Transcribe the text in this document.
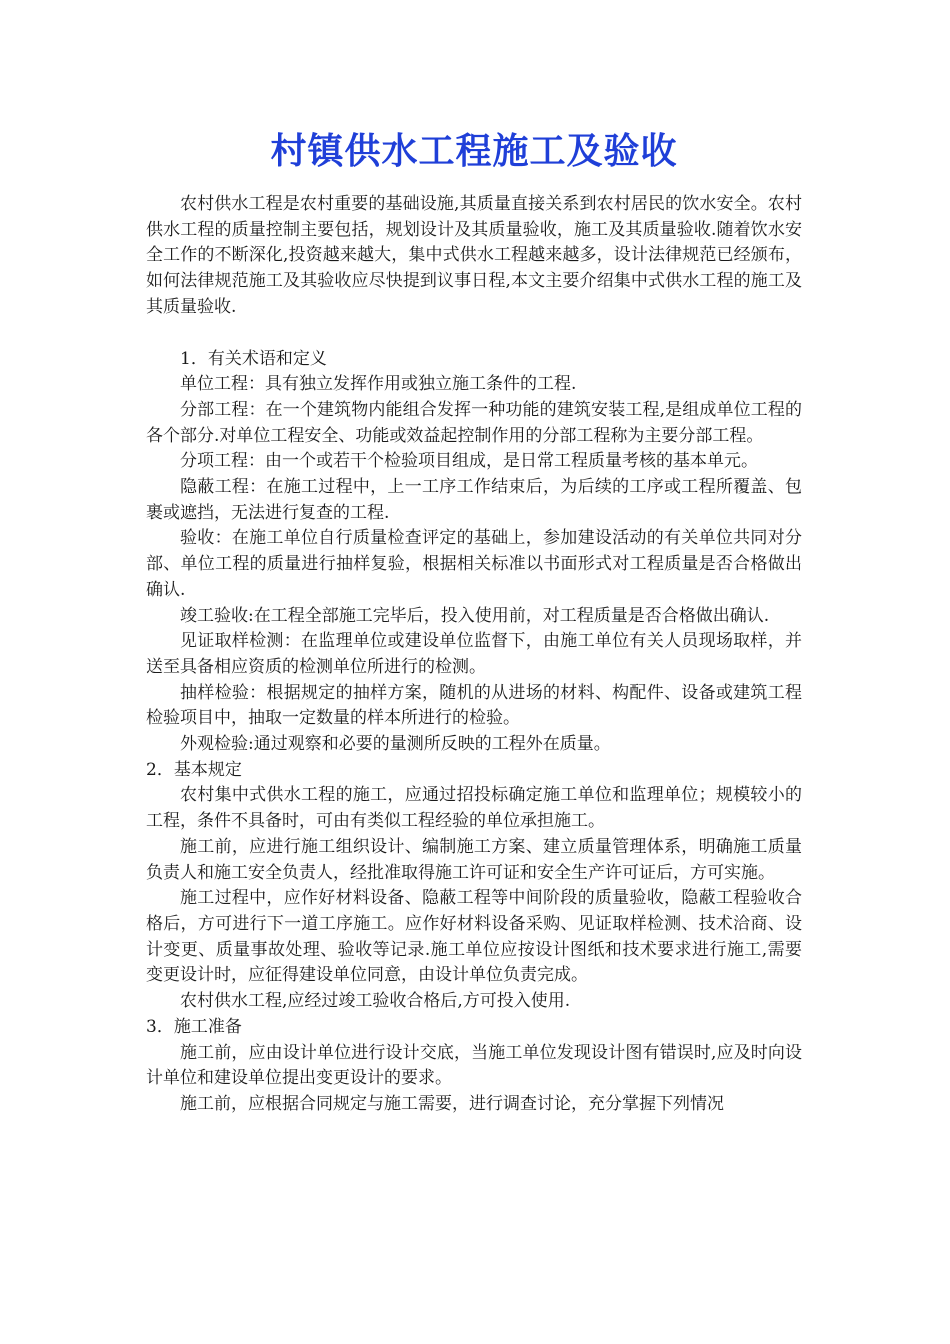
村镇供水工程施工及验收

农村供水工程是农村重要的基础设施,其质量直接关系到农村居民的饮水安全。农村供水工程的质量控制主要包括，规划设计及其质量验收，施工及其质量验收.随着饮水安全工作的不断深化,投资越来越大，集中式供水工程越来越多，设计法律规范已经颁布，如何法律规范施工及其验收应尽快提到议事日程,本文主要介绍集中式供水工程的施工及其质量验收.

1．有关术语和定义

单位工程：具有独立发挥作用或独立施工条件的工程.

分部工程：在一个建筑物内能组合发挥一种功能的建筑安装工程,是组成单位工程的各个部分.对单位工程安全、功能或效益起控制作用的分部工程称为主要分部工程。

分项工程：由一个或若干个检验项目组成，是日常工程质量考核的基本单元。

隐蔽工程：在施工过程中，上一工序工作结束后，为后续的工序或工程所覆盖、包裹或遮挡，无法进行复查的工程.

验收：在施工单位自行质量检查评定的基础上，参加建设活动的有关单位共同对分部、单位工程的质量进行抽样复验，根据相关标准以书面形式对工程质量是否合格做出确认.

竣工验收:在工程全部施工完毕后，投入使用前，对工程质量是否合格做出确认.

见证取样检测：在监理单位或建设单位监督下，由施工单位有关人员现场取样，并送至具备相应资质的检测单位所进行的检测。

抽样检验：根据规定的抽样方案，随机的从进场的材料、构配件、设备或建筑工程检验项目中，抽取一定数量的样本所进行的检验。

外观检验:通过观察和必要的量测所反映的工程外在质量。

2．基本规定

农村集中式供水工程的施工，应通过招投标确定施工单位和监理单位；规模较小的工程，条件不具备时，可由有类似工程经验的单位承担施工。

施工前，应进行施工组织设计、编制施工方案、建立质量管理体系，明确施工质量负责人和施工安全负责人，经批准取得施工许可证和安全生产许可证后，方可实施。

施工过程中，应作好材料设备、隐蔽工程等中间阶段的质量验收，隐蔽工程验收合格后，方可进行下一道工序施工。应作好材料设备采购、见证取样检测、技术洽商、设计变更、质量事故处理、验收等记录.施工单位应按设计图纸和技术要求进行施工,需要变更设计时，应征得建设单位同意，由设计单位负责完成。

农村供水工程,应经过竣工验收合格后,方可投入使用.

3．施工准备

施工前，应由设计单位进行设计交底，当施工单位发现设计图有错误时,应及时向设计单位和建设单位提出变更设计的要求。

施工前，应根据合同规定与施工需要，进行调查讨论，充分掌握下列情况
